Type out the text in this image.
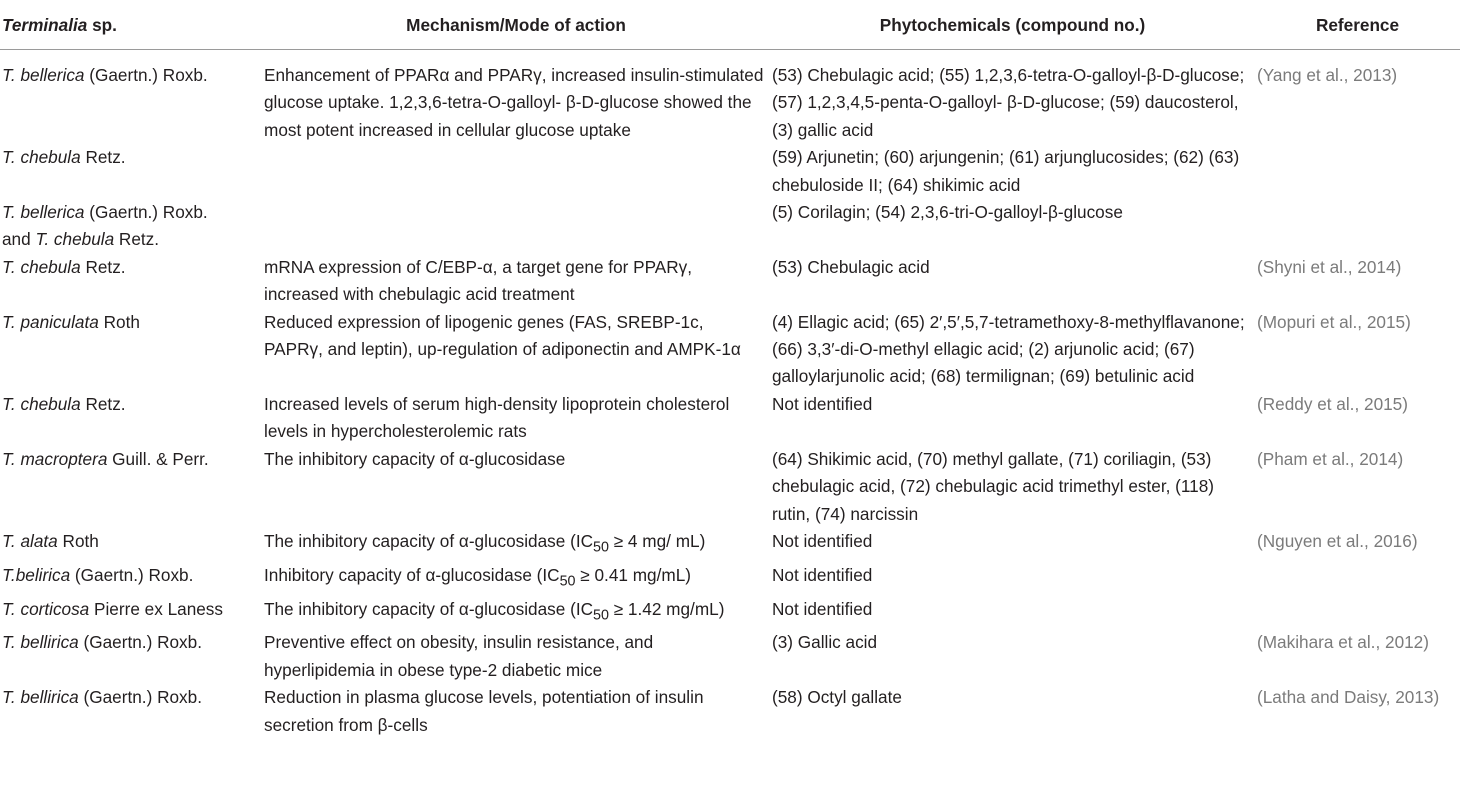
Terminalia sp.	Mechanism/Mode of action	Phytochemicals (compound no.)	Reference
T. bellerica (Gaertn.) Roxb.	Enhancement of PPARα and PPARγ, increased insulin-stimulated glucose uptake. 1,2,3,6-tetra-O-galloyl- β-D-glucose showed the most potent increased in cellular glucose uptake	(53) Chebulagic acid; (55) 1,2,3,6-tetra-O-galloyl-β-D-glucose; (57) 1,2,3,4,5-penta-O-galloyl- β-D-glucose; (59) daucosterol, (3) gallic acid	(Yang et al., 2013)
T. chebula Retz.		(59) Arjunetin; (60) arjungenin; (61) arjunglucosides; (62) (63) chebuloside II; (64) shikimic acid	
T. bellerica (Gaertn.) Roxb.
and T. chebula Retz.		(5) Corilagin; (54) 2,3,6-tri-O-galloyl-β-glucose	
T. chebula Retz.	mRNA expression of C/EBP-α, a target gene for PPARγ, increased with chebulagic acid treatment	(53) Chebulagic acid	(Shyni et al., 2014)
T. paniculata Roth	Reduced expression of lipogenic genes (FAS, SREBP-1c, PAPRγ, and leptin), up-regulation of adiponectin and AMPK-1α	(4) Ellagic acid; (65) 2′,5′,5,7-tetramethoxy-8-methylflavanone; (66) 3,3′-di-O-methyl ellagic acid; (2) arjunolic acid; (67) galloylarjunolic acid; (68) termilignan; (69) betulinic acid	(Mopuri et al., 2015)
T. chebula Retz.	Increased levels of serum high-density lipoprotein cholesterol levels in hypercholesterolemic rats	Not identified	(Reddy et al., 2015)
T. macroptera Guill. & Perr.	The inhibitory capacity of α-glucosidase	(64) Shikimic acid, (70) methyl gallate, (71) coriliagin, (53) chebulagic acid, (72) chebulagic acid trimethyl ester, (118) rutin, (74) narcissin	(Pham et al., 2014)
T. alata Roth	The inhibitory capacity of α-glucosidase ($IC_{50} \ge 4$ mg/ mL)	Not identified	(Nguyen et al., 2016)
T.belirica (Gaertn.) Roxb.	Inhibitory capacity of α-glucosidase ($IC_{50} \ge 0.41$ mg/mL)	Not identified	
T. corticosa Pierre ex Laness	The inhibitory capacity of α-glucosidase ($IC_{50} \ge 1.42$ mg/mL)	Not identified	
T. bellirica (Gaertn.) Roxb.	Preventive effect on obesity, insulin resistance, and hyperlipidemia in obese type-2 diabetic mice	(3) Gallic acid	(Makihara et al., 2012)
T. bellirica (Gaertn.) Roxb.	Reduction in plasma glucose levels, potentiation of insulin secretion from β-cells	(58) Octyl gallate	(Latha and Daisy, 2013)
